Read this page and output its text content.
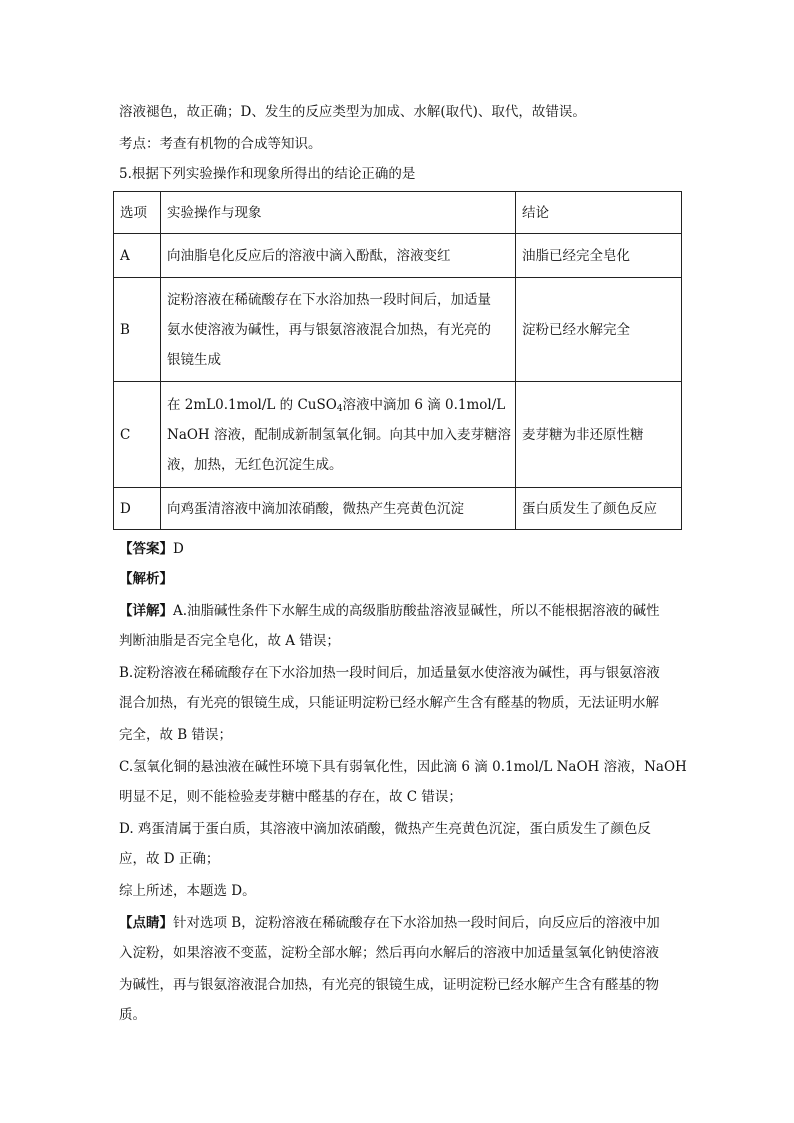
溶液褪色，故正确；D、发生的反应类型为加成、水解(取代)、取代，故错误。
考点：考查有机物的合成等知识。
5.根据下列实验操作和现象所得出的结论正确的是
选项	实验操作与现象	结论
A	向油脂皂化反应后的溶液中滴入酚酞，溶液变红	油脂已经完全皂化
B	淀粉溶液在稀硫酸存在下水浴加热一段时间后，加适量
氨水使溶液为碱性，再与银氨溶液混合加热，有光亮的
银镜生成	淀粉已经水解完全
C	在 2mL0.1mol/L 的 CuSO$_4$溶液中滴加 6 滴 0.1mol/L
NaOH 溶液，配制成新制氢氧化铜。向其中加入麦芽糖溶
液，加热，无红色沉淀生成。	麦芽糖为非还原性糖
D	向鸡蛋清溶液中滴加浓硝酸，微热产生亮黄色沉淀	蛋白质发生了颜色反应
【答案】D
【解析】
【详解】A.油脂碱性条件下水解生成的高级脂肪酸盐溶液显碱性，所以不能根据溶液的碱性
判断油脂是否完全皂化，故 A 错误；
B.淀粉溶液在稀硫酸存在下水浴加热一段时间后，加适量氨水使溶液为碱性，再与银氨溶液
混合加热，有光亮的银镜生成，只能证明淀粉已经水解产生含有醛基的物质，无法证明水解
完全，故 B 错误；
C.氢氧化铜的悬浊液在碱性环境下具有弱氧化性，因此滴 6 滴 0.1mol/L NaOH 溶液，NaOH
明显不足，则不能检验麦芽糖中醛基的存在，故 C 错误；
D. 鸡蛋清属于蛋白质，其溶液中滴加浓硝酸，微热产生亮黄色沉淀，蛋白质发生了颜色反
应，故 D 正确；
综上所述，本题选 D。
【点睛】针对选项 B，淀粉溶液在稀硫酸存在下水浴加热一段时间后，向反应后的溶液中加
入淀粉，如果溶液不变蓝，淀粉全部水解；然后再向水解后的溶液中加适量氢氧化钠使溶液
为碱性，再与银氨溶液混合加热，有光亮的银镜生成，证明淀粉已经水解产生含有醛基的物
质。
